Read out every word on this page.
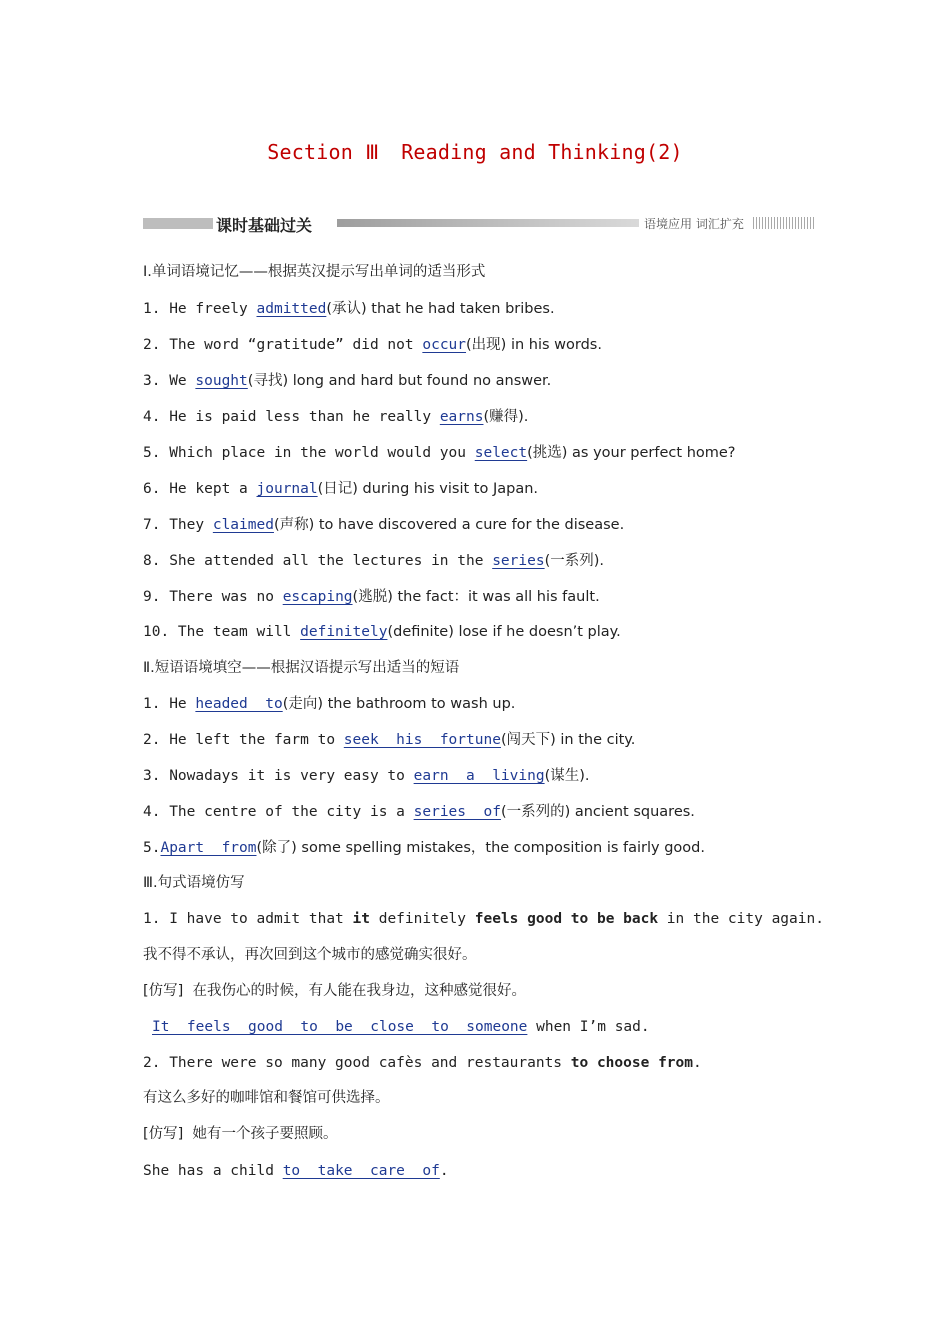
Section Ⅲ Reading and Thinking(2)
课时基础过关	语境应用 词汇扩充
Ⅰ.单词语境记忆——根据英汉提示写出单词的适当形式
1. He freely admitted(承认) that he had taken bribes.
2. The word “gratitude” did not occur(出现) in his words.
3. We sought(寻找) long and hard but found no answer.
4. He is paid less than he really earns(赚得).
5. Which place in the world would you select(挑选) as your perfect home?
6. He kept a journal(日记) during his visit to Japan.
7. They claimed(声称) to have discovered a cure for the disease.
8. She attended all the lectures in the series(一系列).
9. There was no escaping(逃脱) the fact：it was all his fault.
10. The team will definitely(definite) lose if he doesn’t play.
Ⅱ.短语语境填空——根据汉语提示写出适当的短语
1. He headed  to(走向) the bathroom to wash up.
2. He left the farm to seek  his  fortune(闯天下) in the city.
3. Nowadays it is very easy to earn  a  living(谋生).
4. The centre of the city is a series  of(一系列的) ancient squares.
5.Apart  from(除了) some spelling mistakes，the composition is fairly good.
Ⅲ.句式语境仿写
1. I have to admit that it definitely feels good to be back in the city again.
我不得不承认，再次回到这个城市的感觉确实很好。
[仿写]  在我伤心的时候，有人能在我身边，这种感觉很好。
It  feels  good  to  be  close  to  someone when I’m sad.
2. There were so many good cafès and restaurants to choose from.
有这么多好的咖啡馆和餐馆可供选择。
[仿写]  她有一个孩子要照顾。
She has a child to  take  care  of.
